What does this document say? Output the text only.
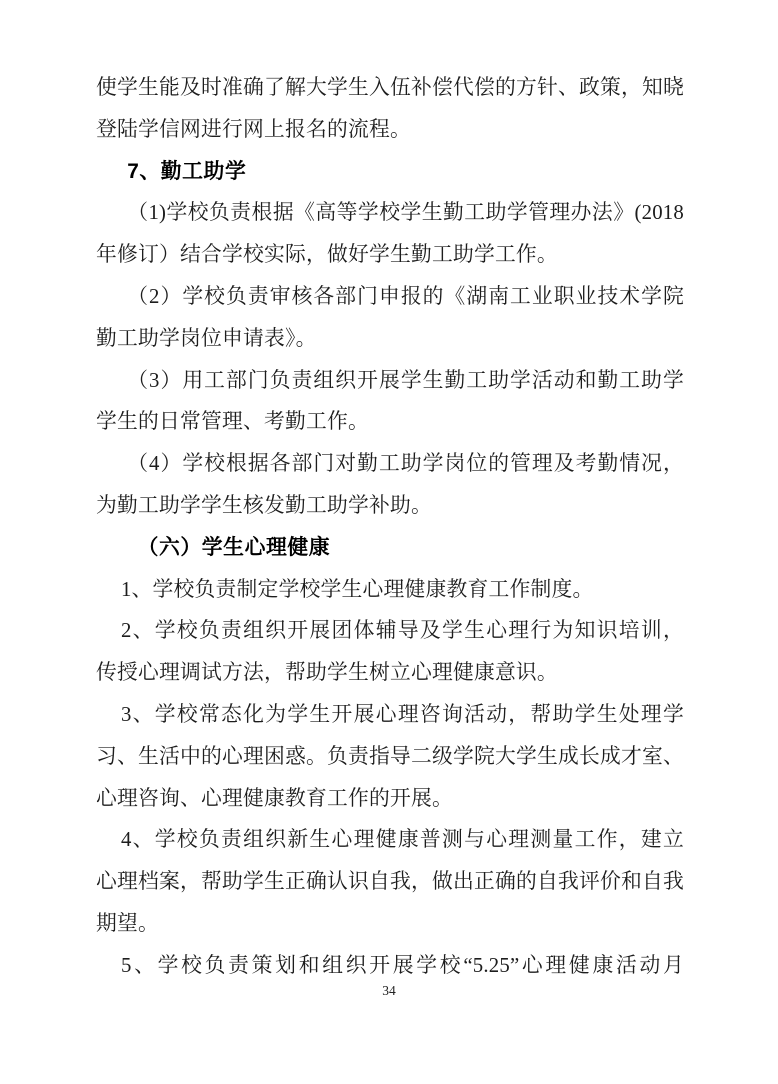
使学生能及时准确了解大学生入伍补偿代偿的方针、政策，知晓
登陆学信网进行网上报名的流程。
7、勤工助学
（1)学校负责根据《高等学校学生勤工助学管理办法》(2018
年修订）结合学校实际，做好学生勤工助学工作。
（2）学校负责审核各部门申报的《湖南工业职业技术学院
勤工助学岗位申请表》。
（3）用工部门负责组织开展学生勤工助学活动和勤工助学
学生的日常管理、考勤工作。
（4）学校根据各部门对勤工助学岗位的管理及考勤情况，
为勤工助学学生核发勤工助学补助。
（六）学生心理健康
1、学校负责制定学校学生心理健康教育工作制度。
2、学校负责组织开展团体辅导及学生心理行为知识培训，
传授心理调试方法，帮助学生树立心理健康意识。
3、学校常态化为学生开展心理咨询活动，帮助学生处理学
习、生活中的心理困惑。负责指导二级学院大学生成长成才室、
心理咨询、心理健康教育工作的开展。
4、学校负责组织新生心理健康普测与心理测量工作，建立
心理档案，帮助学生正确认识自我，做出正确的自我评价和自我
期望。
5、学校负责策划和组织开展学校“5.25”心理健康活动月
34
